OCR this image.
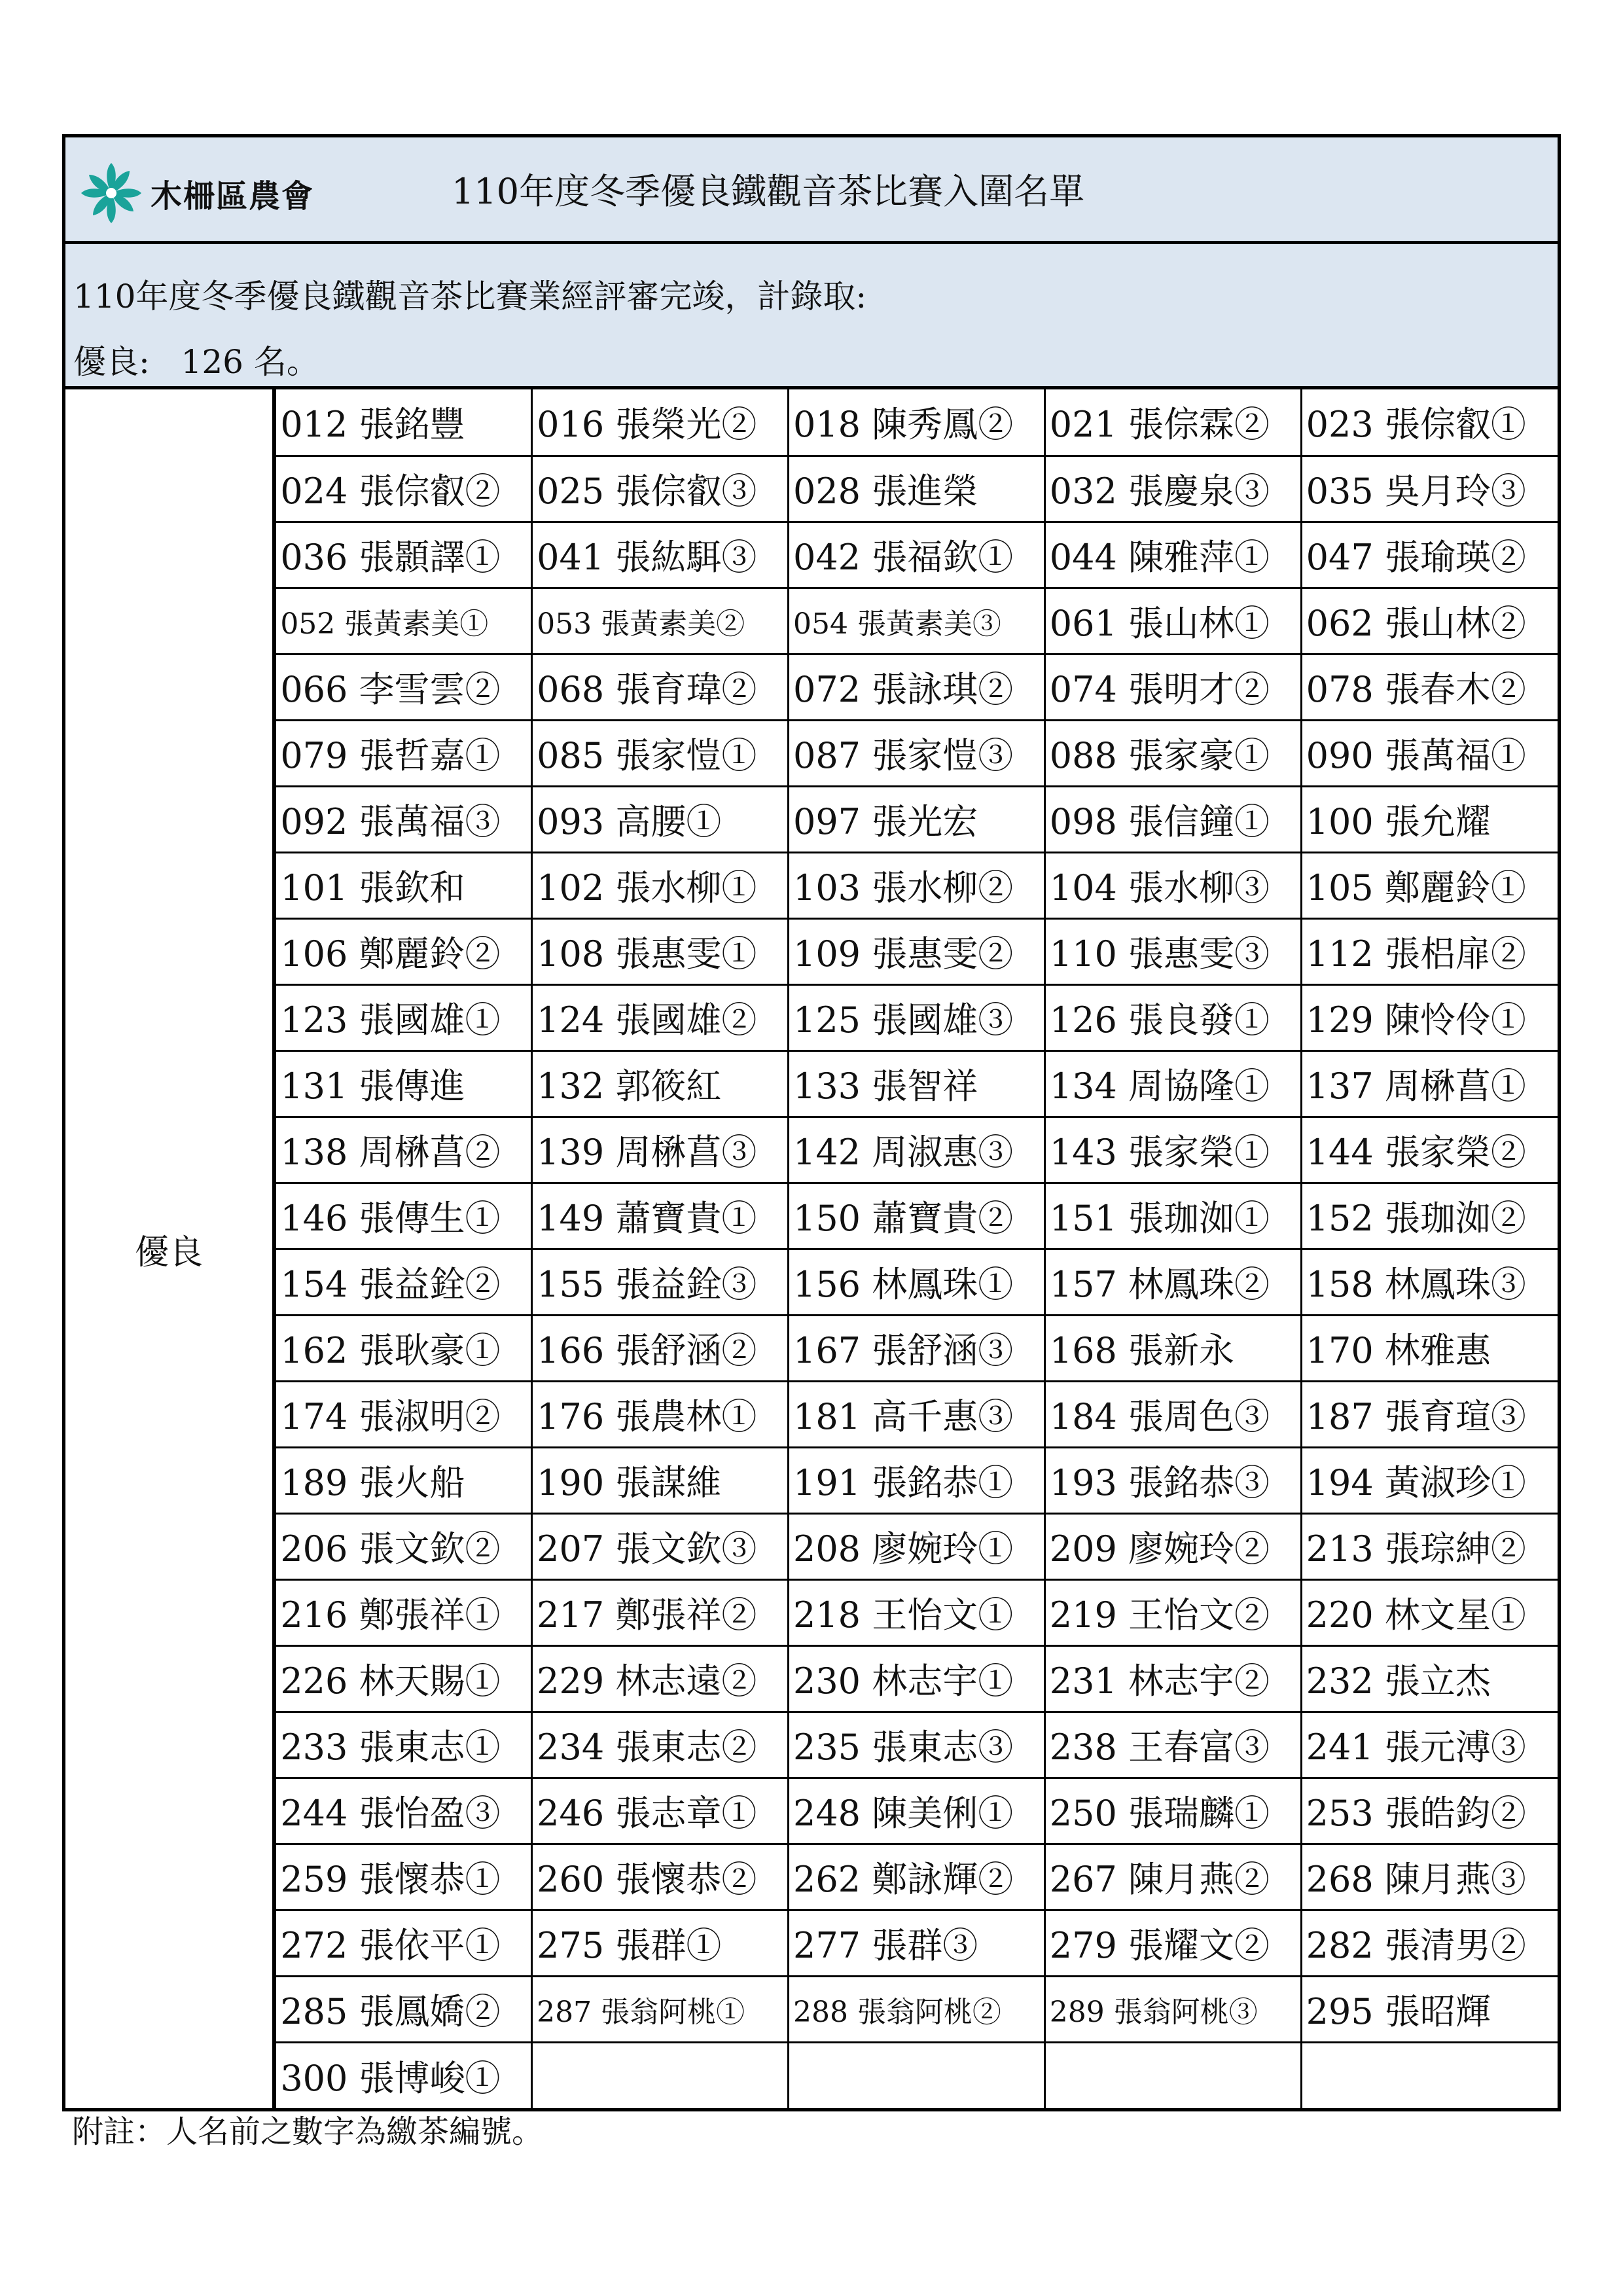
木柵區農會	110年度冬季優良鐵觀音茶比賽入圍名單
110年度冬季優良鐵觀音茶比賽業經評審完竣，計錄取:
優良:   126 名。
優良
012 張銘豐	016 張榮光②	018 陳秀鳳②	021 張倧霖②	023 張倧叡①
024 張倧叡②	025 張倧叡③	028 張進榮	032 張慶泉③	035 吳月玲③
036 張顥譯①	041 張紘駬③	042 張福欽①	044 陳雅萍①	047 張瑜瑛②
052 張黃素美①	053 張黃素美②	054 張黃素美③	061 張山林①	062 張山林②
066 李雪雲②	068 張育瑋②	072 張詠琪②	074 張明才②	078 張春木②
079 張哲嘉①	085 張家愷①	087 張家愷③	088 張家豪①	090 張萬福①
092 張萬福③	093 高腰①	097 張光宏	098 張信鐘①	100 張允耀
101 張欽和	102 張水柳①	103 張水柳②	104 張水柳③	105 鄭麗鈴①
106 鄭麗鈴②	108 張惠雯①	109 張惠雯②	110 張惠雯③	112 張梠扉②
123 張國雄①	124 張國雄②	125 張國雄③	126 張良發①	129 陳怜伶①
131 張傳進	132 郭筱紅	133 張智祥	134 周協隆①	137 周楙菖①
138 周楙菖②	139 周楙菖③	142 周淑惠③	143 張家榮①	144 張家榮②
146 張傳生①	149 蕭寶貴①	150 蕭寶貴②	151 張珈洳①	152 張珈洳②
154 張益銓②	155 張益銓③	156 林鳳珠①	157 林鳳珠②	158 林鳳珠③
162 張耿豪①	166 張舒涵②	167 張舒涵③	168 張新永	170 林雅惠
174 張淑明②	176 張農林①	181 高千惠③	184 張周色③	187 張育瑄③
189 張火船	190 張謀維	191 張銘恭①	193 張銘恭③	194 黃淑珍①
206 張文欽②	207 張文欽③	208 廖婉玲①	209 廖婉玲②	213 張琮紳②
216 鄭張祥①	217 鄭張祥②	218 王怡文①	219 王怡文②	220 林文星①
226 林天賜①	229 林志遠②	230 林志宇①	231 林志宇②	232 張立杰
233 張東志①	234 張東志②	235 張東志③	238 王春富③	241 張元溥③
244 張怡盈③	246 張志章①	248 陳美俐①	250 張瑞麟①	253 張皓鈞②
259 張懷恭①	260 張懷恭②	262 鄭詠輝②	267 陳月燕②	268 陳月燕③
272 張依平①	275 張群①	277 張群③	279 張耀文②	282 張清男②
285 張鳳嬌②	287 張翁阿桃①	288 張翁阿桃②	289 張翁阿桃③	295 張昭輝
300 張博峻①				
附註：人名前之數字為繳茶編號。
